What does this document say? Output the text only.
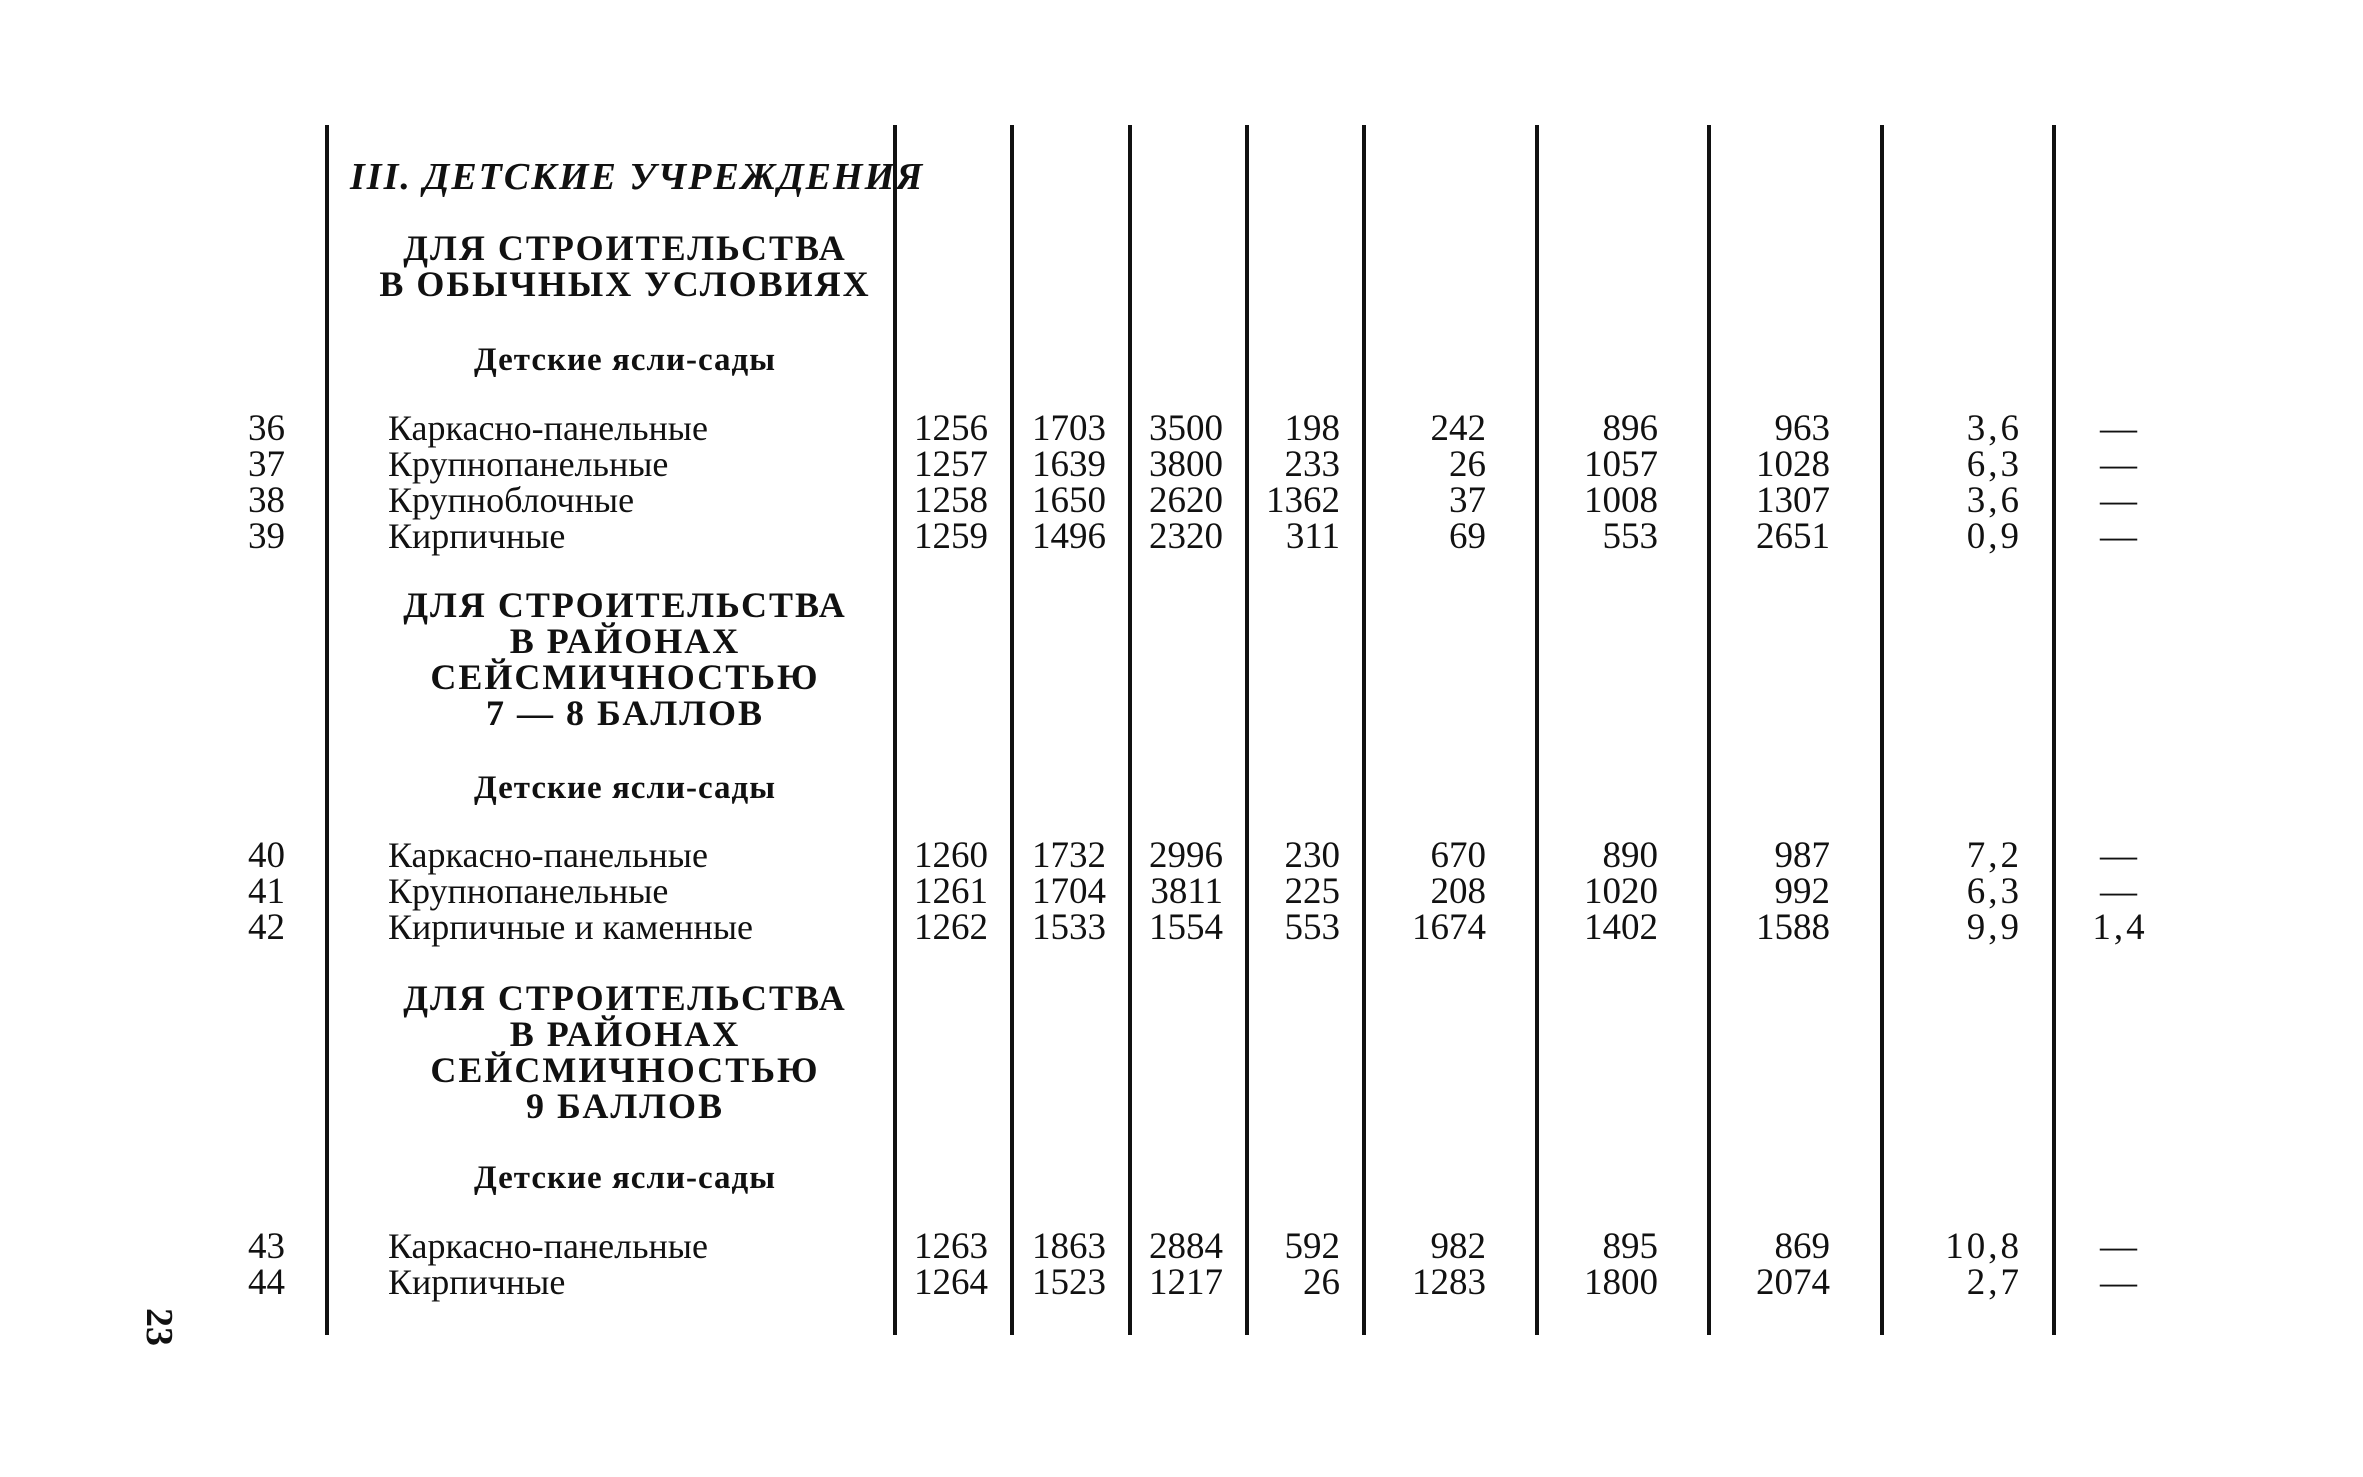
III. ДЕТСКИЕ УЧРЕЖДЕНИЯ
ДЛЯ СТРОИТЕЛЬСТВА
В ОБЫЧНЫХ УСЛОВИЯХ
Детские ясли-сады
ДЛЯ СТРОИТЕЛЬСТВА
В РАЙОНАХ
СЕЙСМИЧНОСТЬЮ
7 — 8 БАЛЛОВ
Детские ясли-сады
ДЛЯ СТРОИТЕЛЬСТВА
В РАЙОНАХ
СЕЙСМИЧНОСТЬЮ
9 БАЛЛОВ
Детские ясли-сады
36	Каркасно-панельные	1256	1703	3500	198	242	896	963	3,6	—
37	Крупнопанельные	1257	1639	3800	233	26	1057	1028	6,3	—
38	Крупноблочные	1258	1650	2620	1362	37	1008	1307	3,6	—
39	Кирпичные	1259	1496	2320	311	69	553	2651	0,9	—
40	Каркасно-панельные	1260	1732	2996	230	670	890	987	7,2	—
41	Крупнопанельные	1261	1704	3811	225	208	1020	992	6,3	—
42	Кирпичные и каменные	1262	1533	1554	553	1674	1402	1588	9,9	1,4
43	Каркасно-панельные	1263	1863	2884	592	982	895	869	10,8	—
44	Кирпичные	1264	1523	1217	26	1283	1800	2074	2,7	—
23
